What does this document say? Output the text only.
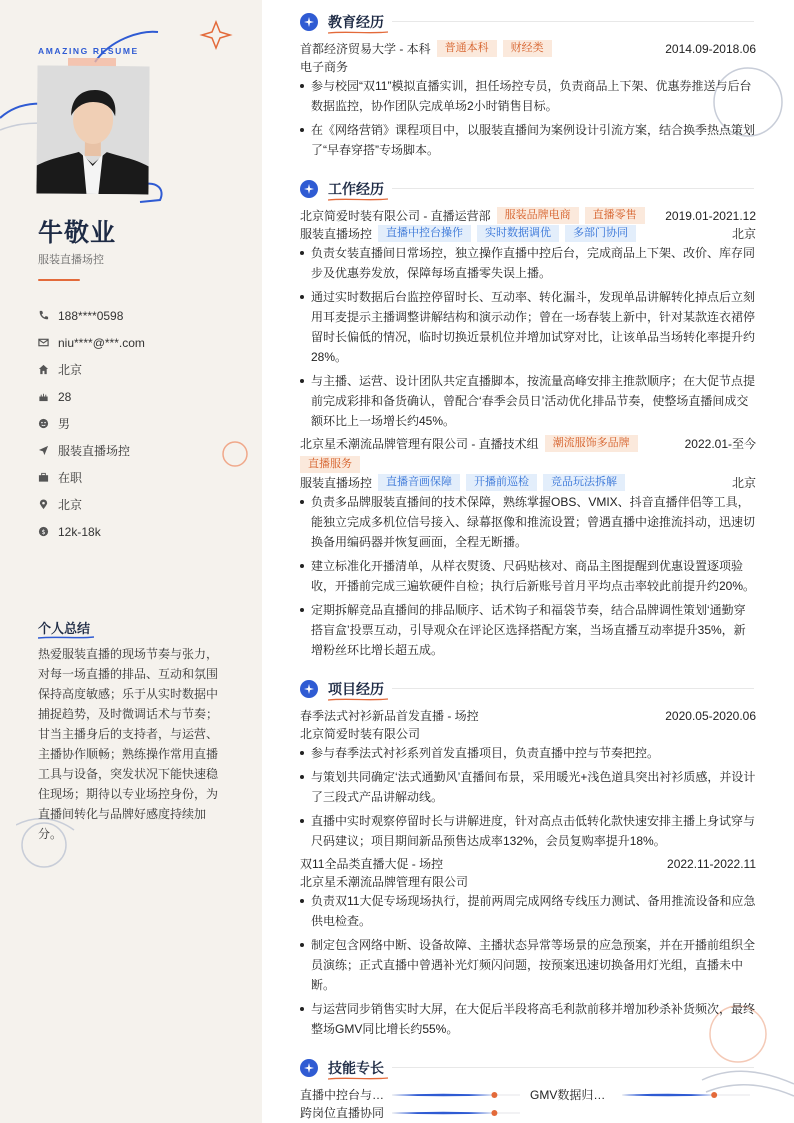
AMAZING RESUME
牛敬业
服装直播场控
188****0598
niu****@***.com
北京
28
男
服装直播场控
在职
北京
$ 12k-18k
个人总结
热爱服装直播的现场节奏与张力，对每一场直播的排品、互动和氛围保持高度敏感；乐于从实时数据中捕捉趋势，及时微调话术与节奏；甘当主播身后的支持者，与运营、主播协作顺畅；熟练操作常用直播工具与设备，突发状况下能快速稳住现场；期待以专业场控身份，为直播间转化与品牌好感度持续加分。
教育经历
首都经济贸易大学 - 本科	普通本科	财经类	2014.09-2018.06
电子商务
参与校园“双11”模拟直播实训，担任场控专员，负责商品上下架、优惠券推送与后台数据监控，协作团队完成单场2小时销售目标。
在《网络营销》课程项目中，以服装直播间为案例设计引流方案，结合换季热点策划了“早春穿搭”专场脚本。
工作经历
北京简爱时装有限公司 - 直播运营部	服装品牌电商	直播零售	2019.01-2021.12
服装直播场控	直播中控台操作	实时数据调优	多部门协同	北京
负责女装直播间日常场控，独立操作直播中控后台，完成商品上下架、改价、库存同步及优惠券发放，保障每场直播零失误上播。
通过实时数据后台监控停留时长、互动率、转化漏斗，发现单品讲解转化掉点后立刻用耳麦提示主播调整讲解结构和演示动作；曾在一场春装上新中，针对某款连衣裙停留时长偏低的情况，临时切换近景机位并增加试穿对比，让该单品当场转化率提升约28%。
与主播、运营、设计团队共定直播脚本，按流量高峰安排主推款顺序；在大促节点提前完成彩排和备货确认，曾配合‘春季会员日’活动优化排品节奏，使整场直播间成交额环比上一场增长约45%。
北京星禾潮流品牌管理有限公司 - 直播技术组	潮流服饰多品牌	2022.01-至今
直播服务
服装直播场控	直播音画保障	开播前巡检	竞品玩法拆解	北京
负责多品牌服装直播间的技术保障，熟练掌握OBS、VMIX、抖音直播伴侣等工具，能独立完成多机位信号接入、绿幕抠像和推流设置；曾遇直播中途推流抖动，迅速切换备用编码器并恢复画面，全程无断播。
建立标准化开播清单，从样衣熨烫、尺码贴核对、商品主图提醒到优惠设置逐项验收，开播前完成三遍软硬件自检；执行后新账号首月平均点击率较此前提升约20%。
定期拆解竞品直播间的排品顺序、话术钩子和福袋节奏，结合品牌调性策划‘通勤穿搭盲盒’投票互动，引导观众在评论区选择搭配方案，当场直播互动率提升35%，新增粉丝环比增长超五成。
项目经历
春季法式衬衫新品首发直播 - 场控	2020.05-2020.06
北京简爱时装有限公司
参与春季法式衬衫系列首发直播项目，负责直播中控与节奏把控。
与策划共同确定‘法式通勤风’直播间布景，采用暖光+浅色道具突出衬衫质感，并设计了三段式产品讲解动线。
直播中实时观察停留时长与讲解进度，针对高点击低转化款快速安排主播上身试穿与尺码建议；项目期间新品预售达成率132%，会员复购率提升18%。
双11全品类直播大促 - 场控	2022.11-2022.11
北京星禾潮流品牌管理有限公司
负责双11大促专场现场执行，提前两周完成网络专线压力测试、备用推流设备和应急供电检查。
制定包含网络中断、设备故障、主播状态异常等场景的应急预案，并在开播前组织全员演练；正式直播中曾遇补光灯频闪问题，按预案迅速切换备用灯光组，直播未中断。
与运营同步销售实时大屏，在大促后半段将高毛利款前移并增加秒杀补货频次，最终整场GMV同比增长约55%。
技能专长
直播中控台与…	GMV数据归…
跨岗位直播协同
